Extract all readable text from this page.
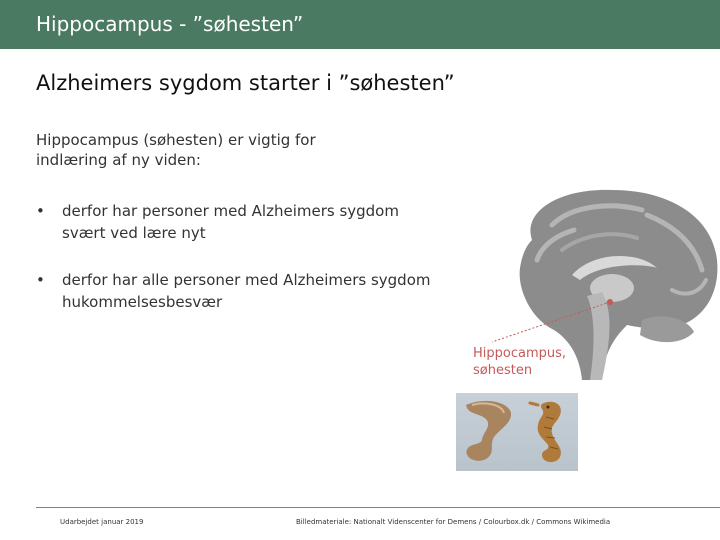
Hippocampus - ”søhesten”
Alzheimers sygdom starter i ”søhesten”
Hippocampus (søhesten) er vigtig for indlæring af ny viden:
• derfor har personer med Alzheimers sygdom svært ved lære nyt
• derfor har alle personer med Alzheimers sygdom hukommelsesbesvær
Hippocampus,
søhesten
Udarbejdet januar 2019	Billedmateriale: Nationalt Videnscenter for Demens / Colourbox.dk / Commons Wikimedia
